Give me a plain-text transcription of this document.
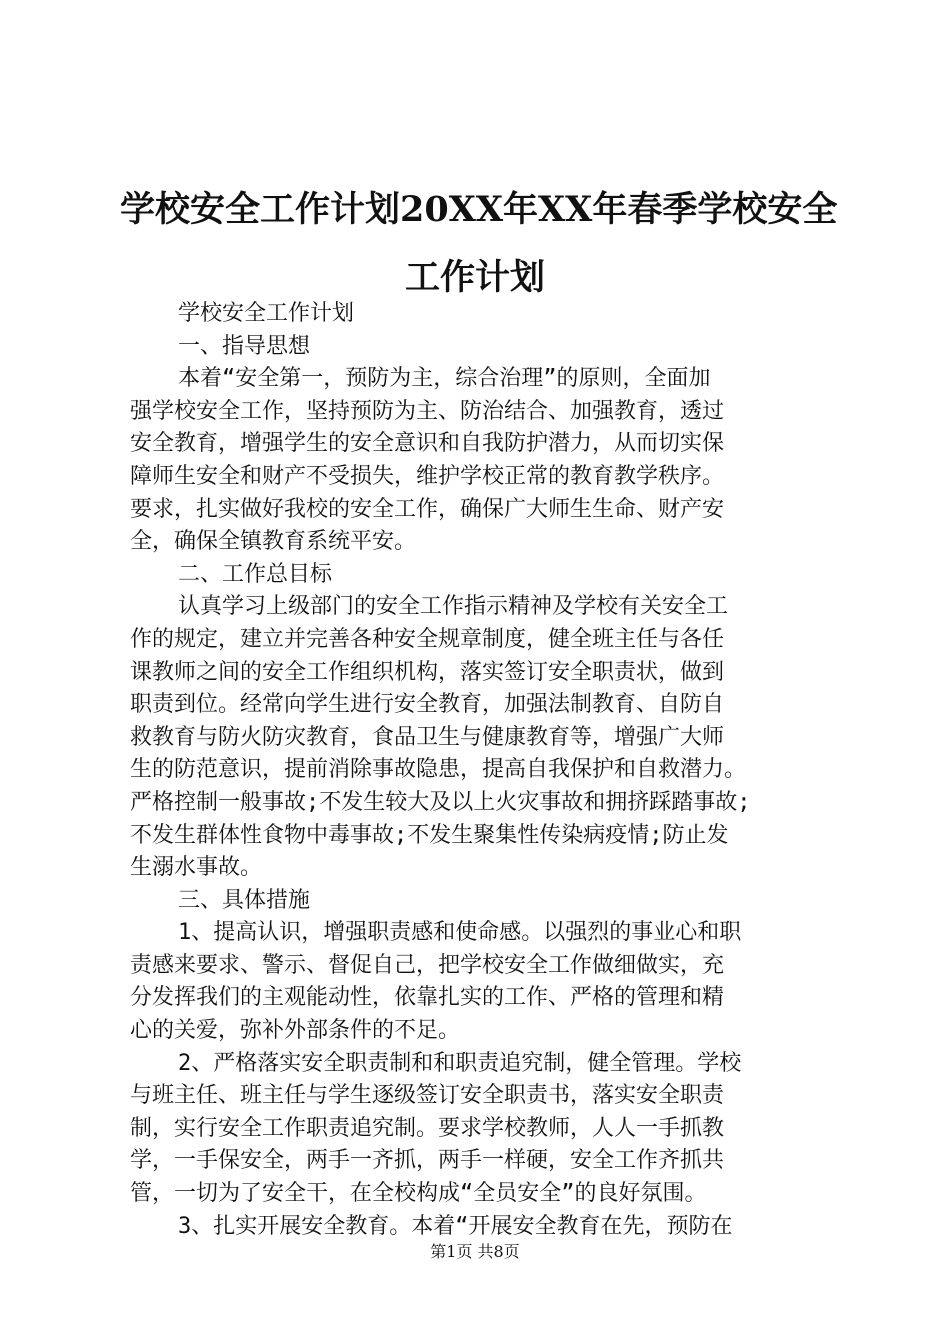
学校安全工作计划20XX年XX年春季学校安全
工作计划
学校安全工作计划
一、指导思想
本着“安全第一，预防为主，综合治理”的原则，全面加
强学校安全工作，坚持预防为主、防治结合、加强教育，透过
安全教育，增强学生的安全意识和自我防护潜力，从而切实保
障师生安全和财产不受损失，维护学校正常的教育教学秩序。
要求，扎实做好我校的安全工作，确保广大师生生命、财产安
全，确保全镇教育系统平安。
二、工作总目标
认真学习上级部门的安全工作指示精神及学校有关安全工
作的规定，建立并完善各种安全规章制度，健全班主任与各任
课教师之间的安全工作组织机构，落实签订安全职责状，做到
职责到位。经常向学生进行安全教育，加强法制教育、自防自
救教育与防火防灾教育，食品卫生与健康教育等，增强广大师
生的防范意识，提前消除事故隐患，提高自我保护和自救潜力。
严格控制一般事故;不发生较大及以上火灾事故和拥挤踩踏事故;
不发生群体性食物中毒事故;不发生聚集性传染病疫情;防止发
生溺水事故。
三、具体措施
1、提高认识，增强职责感和使命感。以强烈的事业心和职
责感来要求、警示、督促自己，把学校安全工作做细做实，充
分发挥我们的主观能动性，依靠扎实的工作、严格的管理和精
心的关爱，弥补外部条件的不足。
2、严格落实安全职责制和和职责追究制，健全管理。学校
与班主任、班主任与学生逐级签订安全职责书，落实安全职责
制，实行安全工作职责追究制。要求学校教师，人人一手抓教
学，一手保安全，两手一齐抓，两手一样硬，安全工作齐抓共
管，一切为了安全干，在全校构成“全员安全”的良好氛围。
3、扎实开展安全教育。本着“开展安全教育在先，预防在
第1页 共8页
